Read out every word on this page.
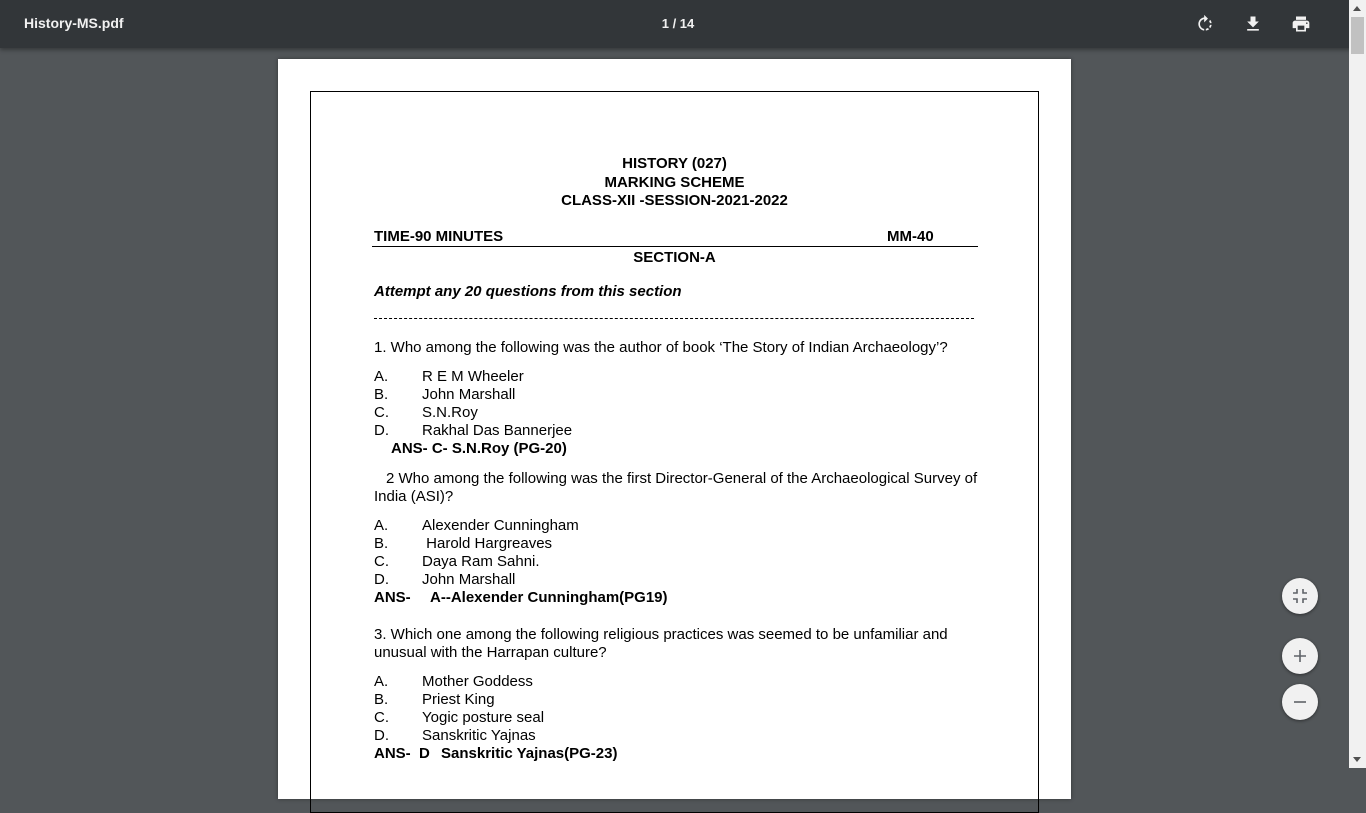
History-MS.pdf	1 / 14
HISTORY (027)
MARKING SCHEME
CLASS-XII -SESSION-2021-2022
TIME-90 MINUTES	MM-40
SECTION-A
Attempt any 20 questions from this section
1. Who among the following was the author of book ‘The Story of Indian Archaeology’?
A. R E M Wheeler
B. John Marshall
C. S.N.Roy
D. Rakhal Das Bannerjee
ANS- C- S.N.Roy (PG-20)
2 Who among the following was the first Director-General of the Archaeological Survey of
India (ASI)?
A. Alexender Cunningham
B. Harold Hargreaves
C. Daya Ram Sahni.
D. John Marshall
ANS- A--Alexender Cunningham(PG19)
3. Which one among the following religious practices was seemed to be unfamiliar and
unusual with the Harrapan culture?
A. Mother Goddess
B. Priest King
C. Yogic posture seal
D. Sanskritic Yajnas
ANS-  D Sanskritic Yajnas(PG-23)
